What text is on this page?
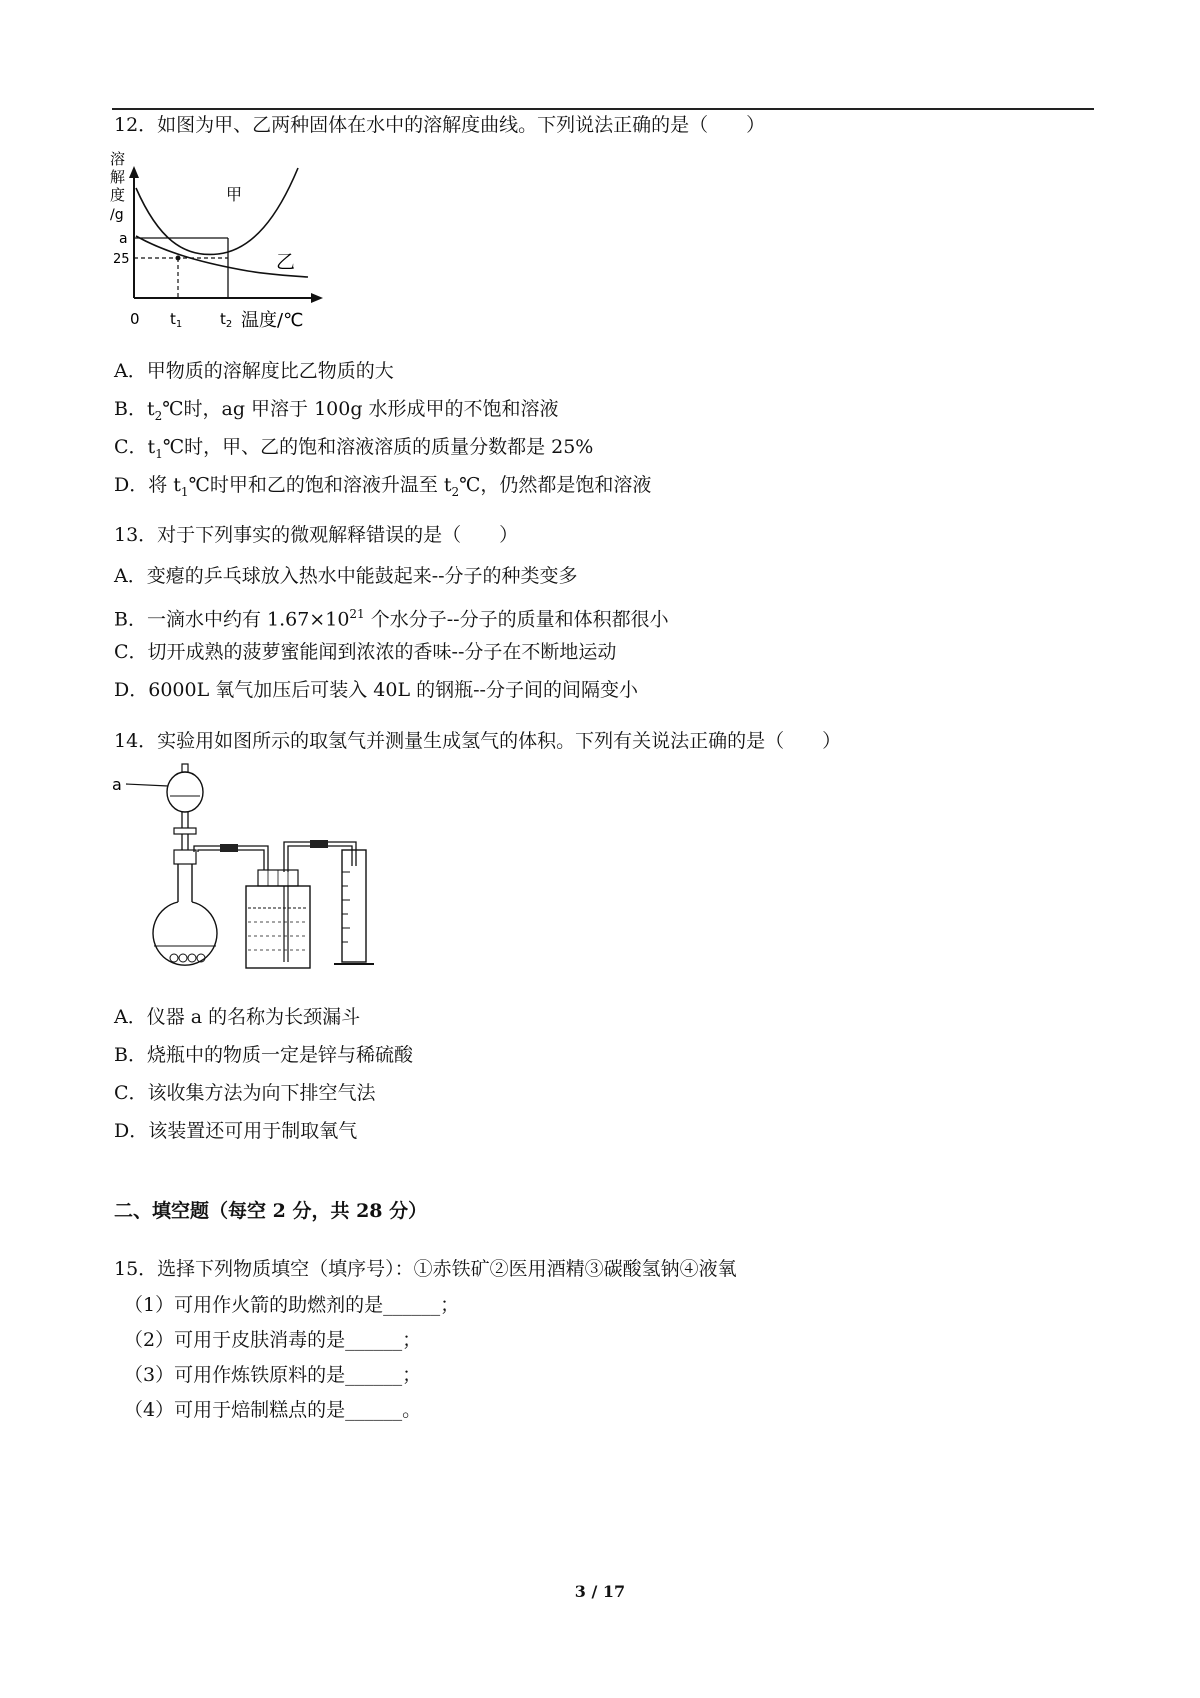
12．如图为甲、乙两种固体在水中的溶解度曲线。下列说法正确的是（　　）
溶
解
度
/g
甲
乙
a
25
0 $t_1$	$t_2$ 温度/℃
A．甲物质的溶解度比乙物质的大
B．$t_2℃$时，ag 甲溶于 100g 水形成甲的不饱和溶液
C．$t_1℃$时，甲、乙的饱和溶液溶质的质量分数都是 25%
D．将 $t_1℃$时甲和乙的饱和溶液升温至 $t_2℃$，仍然都是饱和溶液
13．对于下列事实的微观解释错误的是（　　）
A．变瘪的乒乓球放入热水中能鼓起来--分子的种类变多
B．一滴水中约有 $1.67\times 10^{21}$ 个水分子--分子的质量和体积都很小
C．切开成熟的菠萝蜜能闻到浓浓的香味--分子在不断地运动
D．6000L 氧气加压后可装入 40L 的钢瓶--分子间的间隔变小
14．实验用如图所示的取氢气并测量生成氢气的体积。下列有关说法正确的是（　　）
a
A．仪器 a 的名称为长颈漏斗
B．烧瓶中的物质一定是锌与稀硫酸
C．该收集方法为向下排空气法
D．该装置还可用于制取氧气
二、填空题（每空 2 分，共 28 分）
15．选择下列物质填空（填序号）：①赤铁矿②医用酒精③碳酸氢钠④液氧
（1）可用作火箭的助燃剂的是______；
（2）可用于皮肤消毒的是______；
（3）可用作炼铁原料的是______；
（4）可用于焙制糕点的是______。
3 / 17
